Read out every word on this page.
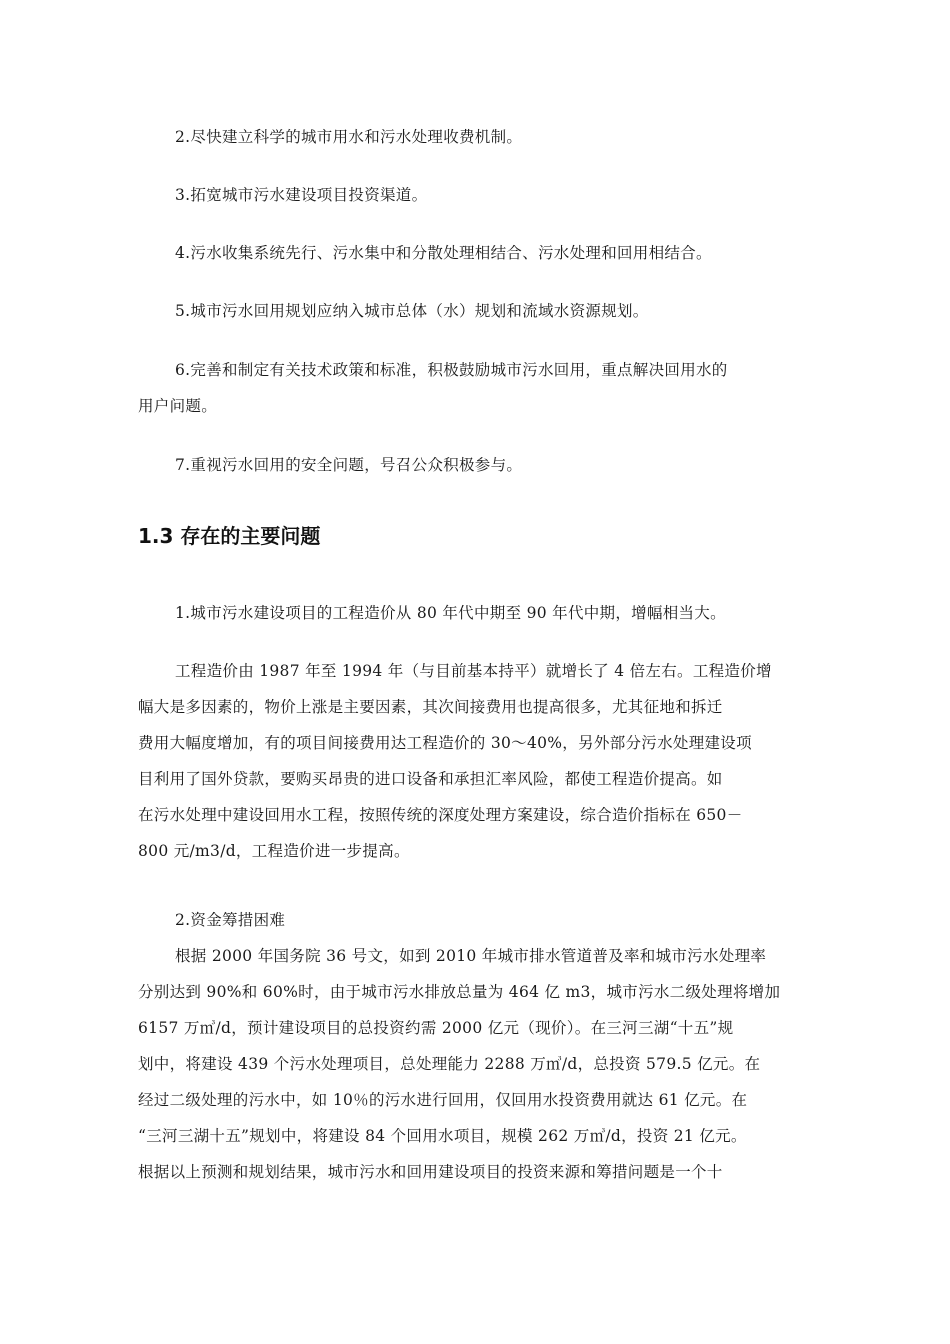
2.尽快建立科学的城市用水和污水处理收费机制。

3.拓宽城市污水建设项目投资渠道。

4.污水收集系统先行、污水集中和分散处理相结合、污水处理和回用相结合。

5.城市污水回用规划应纳入城市总体（水）规划和流域水资源规划。

6.完善和制定有关技术政策和标准，积极鼓励城市污水回用，重点解决回用水的
用户问题。

7.重视污水回用的安全问题，号召公众积极参与。

1.3 存在的主要问题

1.城市污水建设项目的工程造价从 80 年代中期至 90 年代中期，增幅相当大。

工程造价由 1987 年至 1994 年（与目前基本持平）就增长了 4 倍左右。工程造价增
幅大是多因素的，物价上涨是主要因素，其次间接费用也提高很多，尤其征地和拆迁
费用大幅度增加，有的项目间接费用达工程造价的 30～40%，另外部分污水处理建设项
目利用了国外贷款，要购买昂贵的进口设备和承担汇率风险，都使工程造价提高。如
在污水处理中建设回用水工程，按照传统的深度处理方案建设，综合造价指标在 650－
800 元/m3/d，工程造价进一步提高。

2.资金筹措困难

根据 2000 年国务院 36 号文，如到 2010 年城市排水管道普及率和城市污水处理率
分别达到 90%和 60%时，由于城市污水排放总量为 464 亿 m3，城市污水二级处理将增加
6157 万㎥/d，预计建设项目的总投资约需 2000 亿元（现价）。在三河三湖“十五”规
划中，将建设 439 个污水处理项目，总处理能力 2288 万㎥/d，总投资 579.5 亿元。在
经过二级处理的污水中，如 10％的污水进行回用，仅回用水投资费用就达 61 亿元。在
“三河三湖十五”规划中，将建设 84 个回用水项目，规模 262 万㎥/d，投资 21 亿元。
根据以上预测和规划结果，城市污水和回用建设项目的投资来源和筹措问题是一个十
